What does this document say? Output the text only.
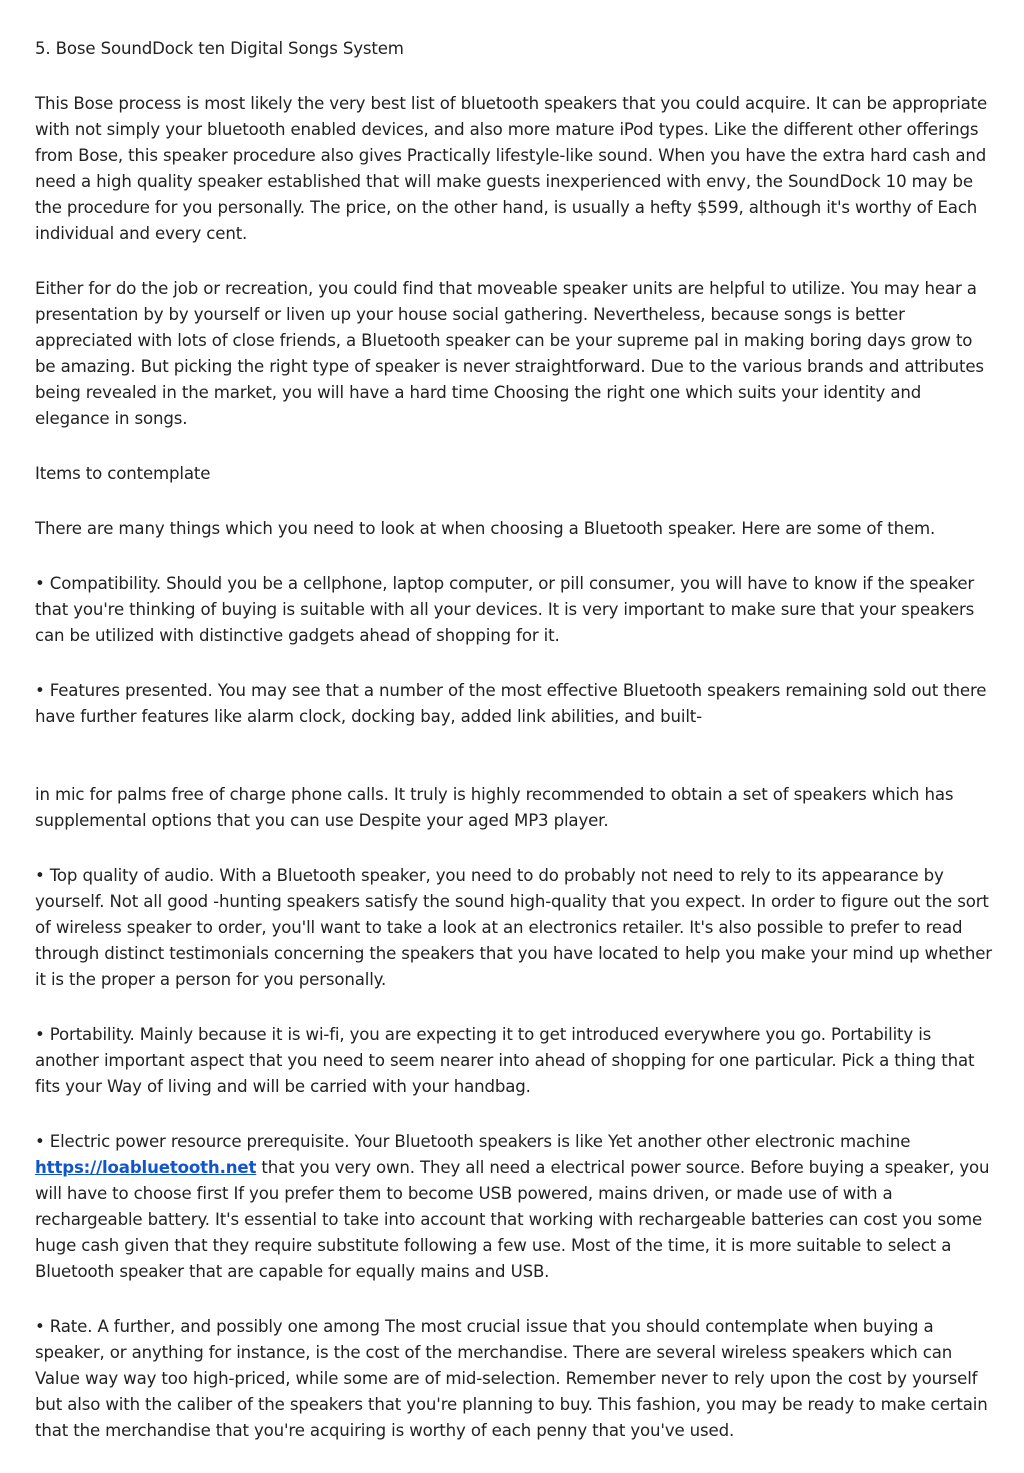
5. Bose SoundDock ten Digital Songs System

This Bose process is most likely the very best list of bluetooth speakers that you could acquire. It can be appropriate with not simply your bluetooth enabled devices, and also more mature iPod types. Like the different other offerings from Bose, this speaker procedure also gives Practically lifestyle-like sound. When you have the extra hard cash and need a high quality speaker established that will make guests inexperienced with envy, the SoundDock 10 may be the procedure for you personally. The price, on the other hand, is usually a hefty $599, although it's worthy of Each individual and every cent.

Either for do the job or recreation, you could find that moveable speaker units are helpful to utilize. You may hear a presentation by by yourself or liven up your house social gathering. Nevertheless, because songs is better appreciated with lots of close friends, a Bluetooth speaker can be your supreme pal in making boring days grow to be amazing. But picking the right type of speaker is never straightforward. Due to the various brands and attributes being revealed in the market, you will have a hard time Choosing the right one which suits your identity and elegance in songs.

Items to contemplate

There are many things which you need to look at when choosing a Bluetooth speaker. Here are some of them.

• Compatibility. Should you be a cellphone, laptop computer, or pill consumer, you will have to know if the speaker that you're thinking of buying is suitable with all your devices. It is very important to make sure that your speakers can be utilized with distinctive gadgets ahead of shopping for it.

• Features presented. You may see that a number of the most effective Bluetooth speakers remaining sold out there have further features like alarm clock, docking bay, added link abilities, and built-

in mic for palms free of charge phone calls. It truly is highly recommended to obtain a set of speakers which has supplemental options that you can use Despite your aged MP3 player.

• Top quality of audio. With a Bluetooth speaker, you need to do probably not need to rely to its appearance by yourself. Not all good -hunting speakers satisfy the sound high-quality that you expect. In order to figure out the sort of wireless speaker to order, you'll want to take a look at an electronics retailer. It's also possible to prefer to read through distinct testimonials concerning the speakers that you have located to help you make your mind up whether it is the proper a person for you personally.

• Portability. Mainly because it is wi-fi, you are expecting it to get introduced everywhere you go. Portability is another important aspect that you need to seem nearer into ahead of shopping for one particular. Pick a thing that fits your Way of living and will be carried with your handbag.

• Electric power resource prerequisite. Your Bluetooth speakers is like Yet another other electronic machine https://loabluetooth.net that you very own. They all need a electrical power source. Before buying a speaker, you will have to choose first If you prefer them to become USB powered, mains driven, or made use of with a rechargeable battery. It's essential to take into account that working with rechargeable batteries can cost you some huge cash given that they require substitute following a few use. Most of the time, it is more suitable to select a Bluetooth speaker that are capable for equally mains and USB.

• Rate. A further, and possibly one among The most crucial issue that you should contemplate when buying a speaker, or anything for instance, is the cost of the merchandise. There are several wireless speakers which can Value way way too high-priced, while some are of mid-selection. Remember never to rely upon the cost by yourself but also with the caliber of the speakers that you're planning to buy. This fashion, you may be ready to make certain that the merchandise that you're acquiring is worthy of each penny that you've used.
